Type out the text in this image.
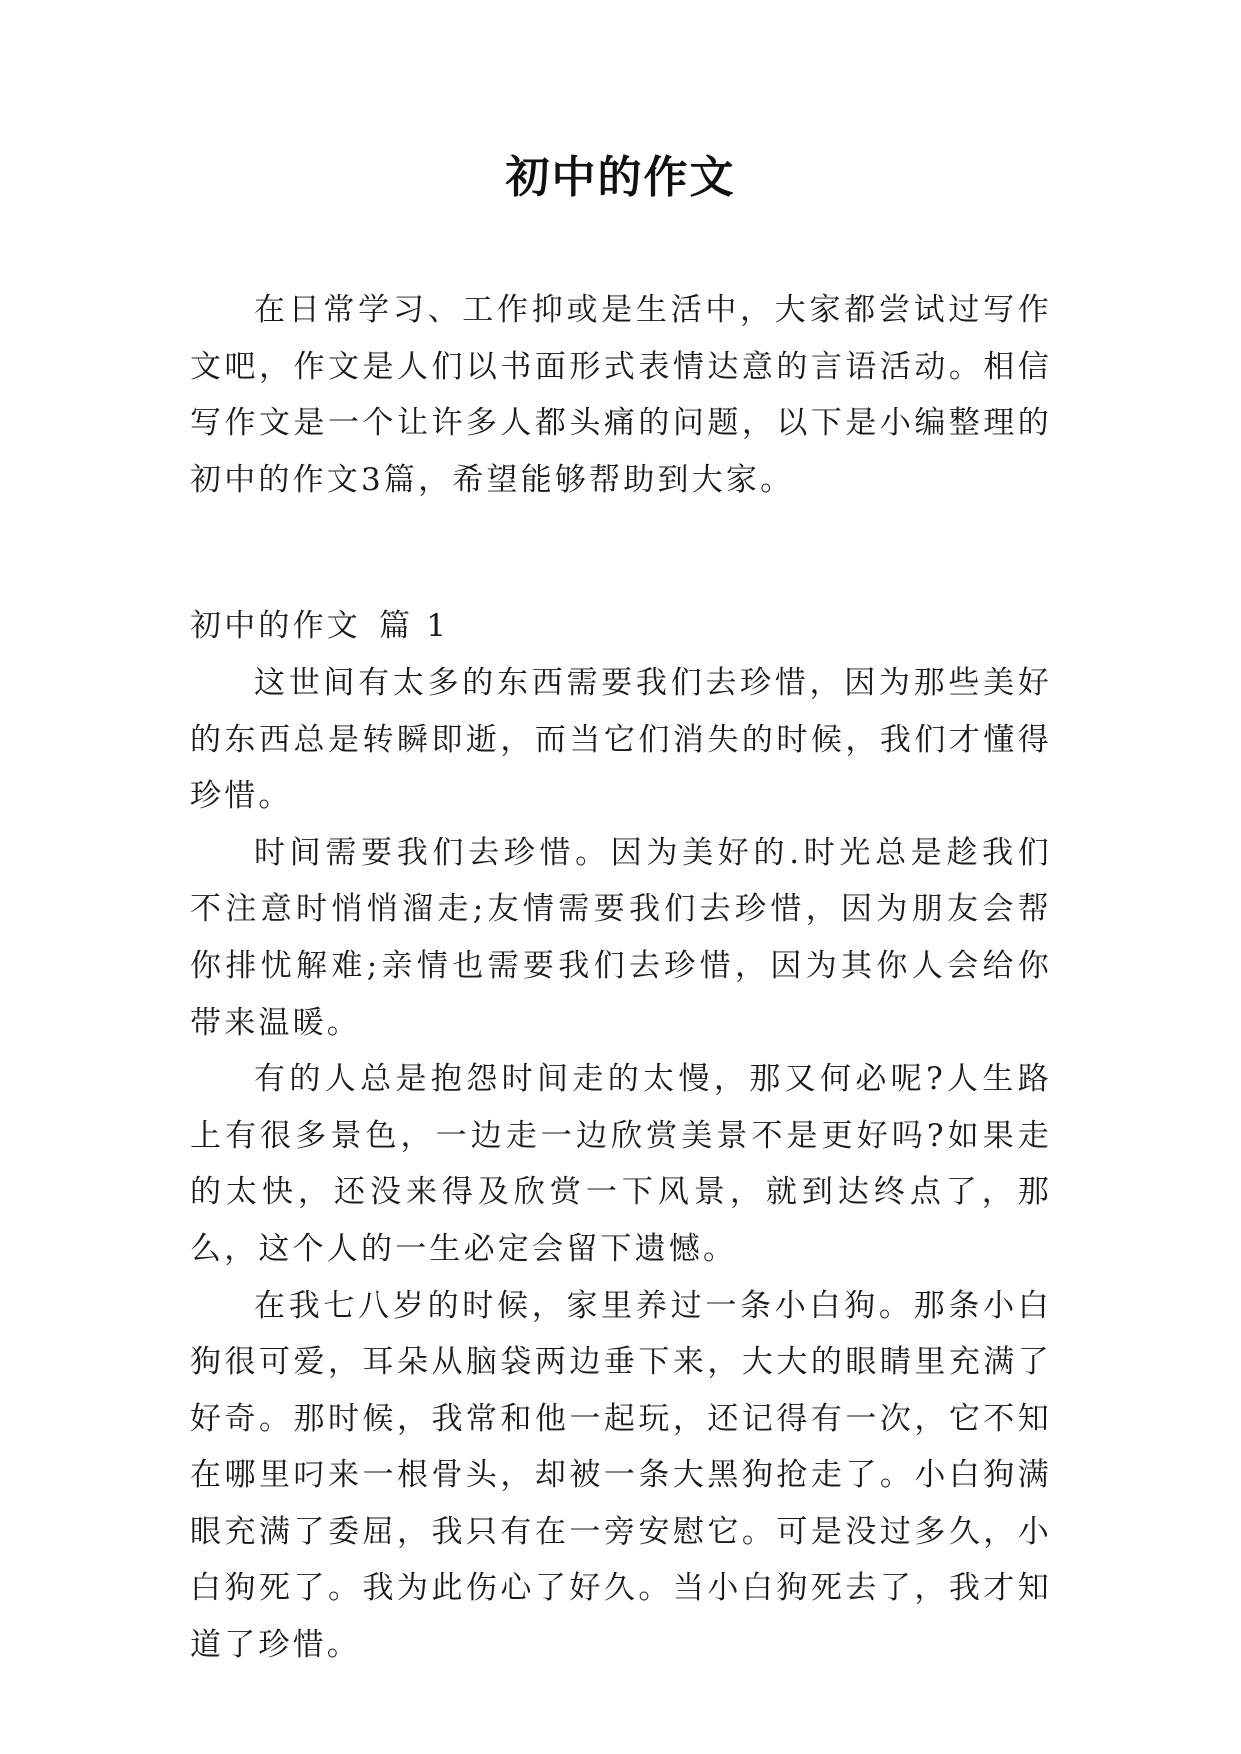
初中的作文

在日常学习、工作抑或是生活中，大家都尝试过写作文吧，作文是人们以书面形式表情达意的言语活动。相信写作文是一个让许多人都头痛的问题，以下是小编整理的初中的作文3篇，希望能够帮助到大家。

初中的作文 篇 1

这世间有太多的东西需要我们去珍惜，因为那些美好的东西总是转瞬即逝，而当它们消失的时候，我们才懂得珍惜。

时间需要我们去珍惜。因为美好的.时光总是趁我们不注意时悄悄溜走;友情需要我们去珍惜，因为朋友会帮你排忧解难;亲情也需要我们去珍惜，因为其你人会给你带来温暖。

有的人总是抱怨时间走的太慢，那又何必呢?人生路上有很多景色，一边走一边欣赏美景不是更好吗?如果走的太快，还没来得及欣赏一下风景，就到达终点了，那么，这个人的一生必定会留下遗憾。

在我七八岁的时候，家里养过一条小白狗。那条小白狗很可爱，耳朵从脑袋两边垂下来，大大的眼睛里充满了好奇。那时候，我常和他一起玩，还记得有一次，它不知在哪里叼来一根骨头，却被一条大黑狗抢走了。小白狗满眼充满了委屈，我只有在一旁安慰它。可是没过多久，小白狗死了。我为此伤心了好久。当小白狗死去了，我才知道了珍惜。
